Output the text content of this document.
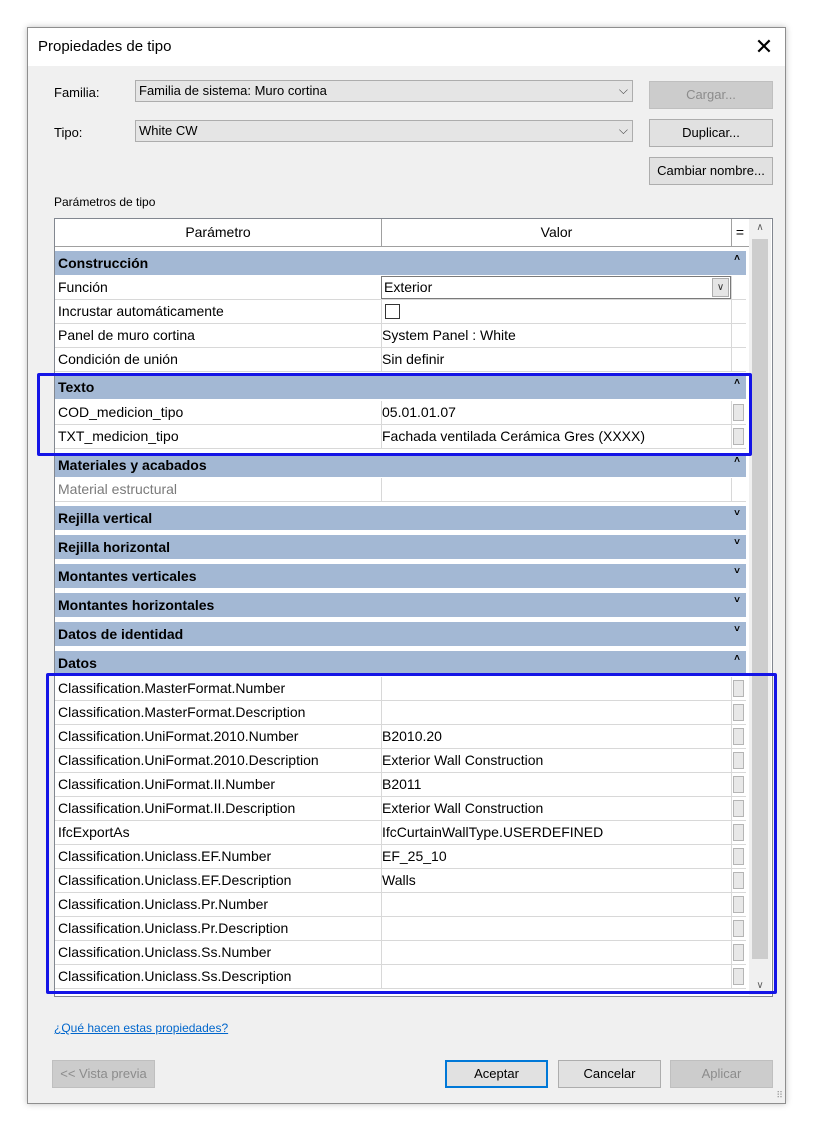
Propiedades de tipo	✕
Familia:	Familia de sistema: Muro cortina	⌵
Tipo:	White CW	⌵
Cargar...
Duplicar...
Cambiar nombre...
Parámetros de tipo
Parámetro	Valor	=
Construcción	˄

Función	Exterior	∨
Incrustar automáticamente
Panel de muro cortina	System Panel : White
Condición de unión	Sin definir
Texto	˄
COD_medicion_tipo	05.01.01.07
TXT_medicion_tipo	Fachada ventilada Cerámica Gres (XXXX)
Materiales y acabados	˄
Material estructural
Rejilla vertical	˅
Rejilla horizontal	˅
Montantes verticales	˅
Montantes horizontales	˅
Datos de identidad	˅
Datos	˄
Classification.MasterFormat.Number
Classification.MasterFormat.Description
Classification.UniFormat.2010.Number	B2010.20
Classification.UniFormat.2010.Description	Exterior Wall Construction
Classification.UniFormat.II.Number	B2011
Classification.UniFormat.II.Description	Exterior Wall Construction
IfcExportAs	IfcCurtainWallType.USERDEFINED
Classification.Uniclass.EF.Number	EF_25_10
Classification.Uniclass.EF.Description	Walls
Classification.Uniclass.Pr.Number
Classification.Uniclass.Pr.Description
Classification.Uniclass.Ss.Number
Classification.Uniclass.Ss.Description
∧
∨
¿Qué hacen estas propiedades?
<< Vista previa	Aceptar	Cancelar	Aplicar
⠿
